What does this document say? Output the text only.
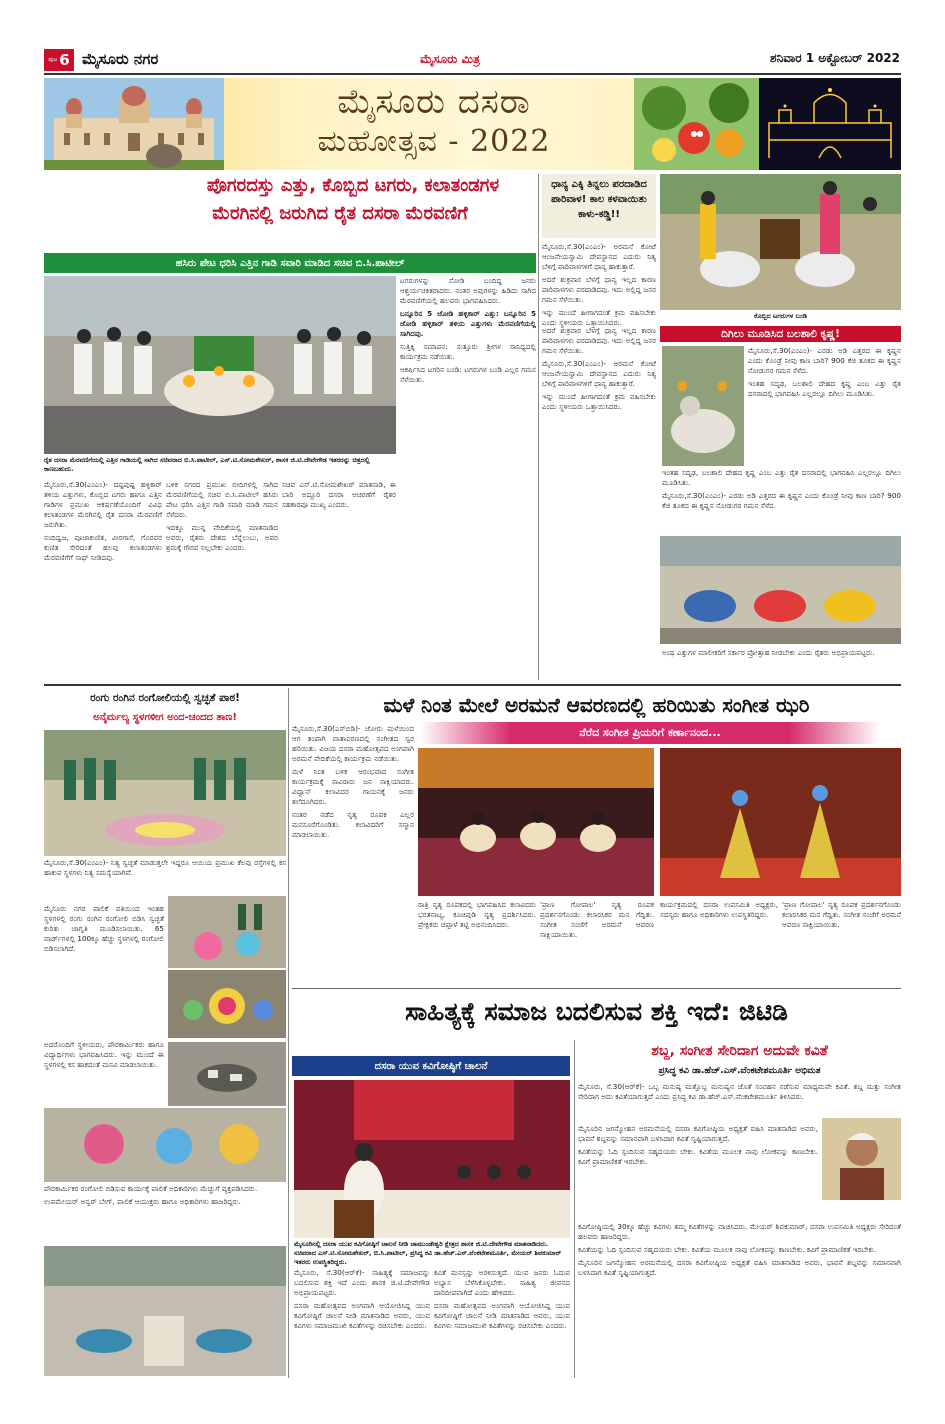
ಪುಟ 6 ಮೈಸೂರು ನಗರ	ಮೈಸೂರು ಮಿತ್ರ	ಶನಿವಾರ 1 ಅಕ್ಟೋಬರ್ 2022
ಮೈಸೂರು ದಸರಾ
ಮಹೋತ್ಸವ - 2022
ಪೊಗರದಸ್ತು ಎತ್ತು, ಕೊಬ್ಬಿದ ಟಗರು, ಕಲಾತಂಡಗಳ
ಮೆರಗಿನಲ್ಲಿ ಜರುಗಿದ ರೈತ ದಸರಾ ಮೆರವಣಿಗೆ
ಹಸಿರು ಪೇಟ ಧರಿಸಿ ಎತ್ತಿನ ಗಾಡಿ ಸವಾರಿ ಮಾಡಿದ ಸಚಿವ ಬಿ.ಸಿ.ಪಾಟೀಲ್
ರೈತ ದಸರಾ ಮೆರವಣಿಗೆಯಲ್ಲಿ ಎತ್ತಿನ ಗಾಡಿಯಲ್ಲಿ ಸಾಗಿದ ಸಚಿವರಾದ ಬಿ.ಸಿ.ಪಾಟೀಲ್, ಎಸ್.ಟಿ.ಸೋಮಶೇಖರ್, ಶಾಸಕ ಜಿ.ಟಿ.ದೇವೇಗೌಡ ಇತರರನ್ನು ಚಿತ್ರದಲ್ಲಿ ಕಾಣಬಹುದು.

ಟಗರುಗಳನ್ನು ನೋಡಿ ಬಂದಿದ್ದ ಜನರು ಆಶ್ಚರ್ಯಚಕಿತರಾದರು. ನಂತರ ಅವುಗಳನ್ನು ಹಿಡಿದು ಸಾಗಿದ ಮೆರವಣಿಗೆಯಲ್ಲಿ ಹಲವರು ಭಾಗವಹಿಸಿದರು.

ಬನ್ನೂರಿನ 5 ಜೋಡಿ ಹಳ್ಳಿಕಾರ್ ಎತ್ತು: ಬನ್ನೂರಿನ 5 ಜೋಡಿ ಹಳ್ಳಿಕಾರ್ ತಳಿಯ ಎತ್ತುಗಳು ಮೆರವಣಿಗೆಯಲ್ಲಿ ಸಾಗಿದವು.

ಸುತ್ತಿಕ್ಕಿ ಸಮಾಪನ: ಸುತ್ತೂರು ಶ್ರೀಗಳ ಸಾನಿಧ್ಯದಲ್ಲಿ ಕಾರ್ಯಕ್ರಮ ನಡೆಯಿತು.

ಆಕರ್ಷಿಸಿದ ಟಗರಿನ ಬಂಡಿ: ಟಗರುಗಳ ಬಂಡಿ ಎಲ್ಲರ ಗಮನ ಸೆಳೆಯಿತು.

ಮೈಸೂರು,ಸೆ.30(ಎಂಎಂ)- ದಷ್ಟಪುಷ್ಟ ಹಳ್ಳಿಕಾರ್ ತಳಿಯ ಎತ್ತುಗಳು, ಕೊಬ್ಬಿದ ಟಗರು ಹಾಗೂ ಎತ್ತಿನ ಗಾಡಿಗಳ ಪ್ರಮುಖ ಆಕರ್ಷಣೆಯೊಂದಿಗೆ ವಿವಿಧ ಕಲಾತಂಡಗಳ ಮೆರಗಿನಲ್ಲಿ ರೈತ ದಸರಾ ಮೆರವಣಿಗೆ ಜರುಗಿತು.

ನಂದಿಧ್ವಜ, ಪೂಜಾಕುಣಿತ, ವೀರಗಾಸೆ, ಗೊರವರ ಕುಣಿತ ಸೇರಿದಂತೆ ಹಲವು ಕಲಾತಂಡಗಳು ಮೆರವಣಿಗೆಗೆ ಸಾಥ್ ನೀಡಿದವು.

ಬಳಿಕ ನಗರದ ಪ್ರಮುಖ ಬೀದಿಗಳಲ್ಲಿ ಸಾಗಿದ ಮೆರವಣಿಗೆಯಲ್ಲಿ ಸಚಿವ ಬಿ.ಸಿ.ಪಾಟೀಲ್ ಹಸಿರು ಪೇಟ ಧರಿಸಿ ಎತ್ತಿನ ಗಾಡಿ ಸವಾರಿ ಮಾಡಿ ಗಮನ ಸೆಳೆದರು.

ಇದಕ್ಕೂ ಮುನ್ನ ವೇದಿಕೆಯಲ್ಲಿ ಮಾತನಾಡಿದ ಅವರು, ರೈತರು ದೇಶದ ಬೆನ್ನೆಲುಬು, ಅವರ ಶ್ರಮಕ್ಕೆ ಗೌರವ ಸಲ್ಲಬೇಕು ಎಂದರು.

ಸಚಿವ ಎಸ್.ಟಿ.ಸೋಮಶೇಖರ್ ಮಾತನಾಡಿ, ಈ ಬಾರಿ ಅದ್ದೂರಿ ದಸರಾ ಆಚರಣೆಗೆ ರೈತರ ಸಹಕಾರವೂ ಮುಖ್ಯ ಎಂದರು.

ಧಾನ್ಯ ಎಕ್ಕಿ ತಿನ್ನಲು ಪರದಾಡಿದ ಪಾರಿವಾಳ! ಕಾಲ ಕಳವಾಯಿತು ಕಾಳು-ಕಡ್ಡಿ!!

ಮೈಸೂರು,ಸೆ.30(ಎಂಎಂ)- ಅರಮನೆ ಕೋಟೆ ಆಂಜನೇಯಸ್ವಾಮಿ ದೇವಸ್ಥಾನದ ಎದುರು ನಿತ್ಯ ಬೆಳಿಗ್ಗೆ ಪಾರಿವಾಳಗಳಿಗೆ ಧಾನ್ಯ ಹಾಕುತ್ತಾರೆ.

ಅದರೆ ಶುಕ್ರವಾರ ಬೆಳಗ್ಗೆ ಧಾನ್ಯ ಇಲ್ಲದ ಕಾರಣ ಪಾರಿವಾಳಗಳು ಪರದಾಡಿದವು. ಇದು ಅಲ್ಲಿದ್ದ ಜನರ ಗಮನ ಸೆಳೆಯಿತು.

ಇನ್ನು ಮುಂದೆ ಹೀಗಾಗದಂತೆ ಕ್ರಮ ವಹಿಸಬೇಕು ಎಂದು ಸ್ಥಳೀಯರು ಒತ್ತಾಯಿಸಿದರು.

ಕೊಬ್ಬಿದ ಟಗರುಗಳ ಬಂಡಿ

ಅದರೆ ಶುಕ್ರವಾರ ಬೆಳಗ್ಗೆ ಧಾನ್ಯ ಇಲ್ಲದ ಕಾರಣ ಪಾರಿವಾಳಗಳು ಪರದಾಡಿದವು. ಇದು ಅಲ್ಲಿದ್ದ ಜನರ ಗಮನ ಸೆಳೆಯಿತು.

ಮೈಸೂರು,ಸೆ.30(ಎಂಎಂ)- ಅರಮನೆ ಕೋಟೆ ಆಂಜನೇಯಸ್ವಾಮಿ ದೇವಸ್ಥಾನದ ಎದುರು ನಿತ್ಯ ಬೆಳಿಗ್ಗೆ ಪಾರಿವಾಳಗಳಿಗೆ ಧಾನ್ಯ ಹಾಕುತ್ತಾರೆ.

ಇನ್ನು ಮುಂದೆ ಹೀಗಾಗದಂತೆ ಕ್ರಮ ವಹಿಸಬೇಕು ಎಂದು ಸ್ಥಳೀಯರು ಒತ್ತಾಯಿಸಿದರು.

ದಿಗಿಲು ಮೂಡಿಸಿದ ಬಲಶಾಲಿ ಕೃಷ್ಣ!

ಮೈಸೂರು,ಸೆ.30(ಎಂಎಂ)- ಎರಡು ಅಡಿ ಎತ್ತರದ ಈ ಕೃಷ್ಣನ ಎಂದು ಕೊಂಡ್ರೆ ನೀವು ಕಾಣ ಬಾರಿ? 900 ಕೆಜಿ ತೂಕದ ಈ ಕೃಷ್ಣನ ನೋಡುಗರ ಗಮನ ಸೆಳೆದ.

ಇಂತಹ ಸದೃಢ, ಬಲಶಾಲಿ ದೇಹದ ಕೃಷ್ಣ ಎಂಬ ಎತ್ತು ರೈತ ದಸರಾದಲ್ಲಿ ಭಾಗವಹಿಸಿ ಎಲ್ಲರಲ್ಲೂ ದಿಗಿಲು ಮೂಡಿಸಿತು.

ಇಂತಹ ಸದೃಢ, ಬಲಶಾಲಿ ದೇಹದ ಕೃಷ್ಣ ಎಂಬ ಎತ್ತು ರೈತ ದಸರಾದಲ್ಲಿ ಭಾಗವಹಿಸಿ ಎಲ್ಲರಲ್ಲೂ ದಿಗಿಲು ಮೂಡಿಸಿತು.

ಮೈಸೂರು,ಸೆ.30(ಎಂಎಂ)- ಎರಡು ಅಡಿ ಎತ್ತರದ ಈ ಕೃಷ್ಣನ ಎಂದು ಕೊಂಡ್ರೆ ನೀವು ಕಾಣ ಬಾರಿ? 900 ಕೆಜಿ ತೂಕದ ಈ ಕೃಷ್ಣನ ನೋಡುಗರ ಗಮನ ಸೆಳೆದ.

ಅಂಥ ಎತ್ತುಗಳ ಮಾಲೀಕರಿಗೆ ಸರ್ಕಾರ ಪ್ರೋತ್ಸಾಹ ನೀಡಬೇಕು ಎಂದು ರೈತರು ಅಭಿಪ್ರಾಯಪಟ್ಟರು.

ರಂಗು ರಂಗಿನ ರಂಗೋಲಿಯಲ್ಲಿ ಸ್ವಚ್ಛತೆ ಪಾಠ!
ಅನೈರ್ಮಲ್ಯ ಸ್ಥಳಗಳೀಗ ಅಂದ-ಚಂದದ ತಾಣ!

ಮೈಸೂರು,ಸೆ.30(ಎಂಎಂ)- ನಿತ್ಯ ಸ್ವಚ್ಛತೆ ಮಾಡುತ್ತಲೇ ಇದ್ದರೂ ಆಯಿಯ ಪ್ರಮುಖ ಕೆಲವು ರಸ್ತೆಗಳಲ್ಲಿ ಕಸ ಹಾಕುವ ಸ್ಥಳಗಳು ನಿತ್ಯ ಸಮಸ್ಯೆಯಾಗಿವೆ.

ಮೈಸೂರು ನಗರ ಪಾಲಿಕೆ ವತಿಯಿಂದ ಇಂತಹ ಸ್ಥಳಗಳಲ್ಲಿ ರಂಗು ರಂಗಿನ ರಂಗೋಲಿ ಬಿಡಿಸಿ ಸ್ವಚ್ಛತೆ ಕುರಿತು ಜಾಗೃತಿ ಮೂಡಿಸಲಾಯಿತು. 65 ವಾರ್ಡ್‌ಗಳಲ್ಲಿ 100ಕ್ಕೂ ಹೆಚ್ಚು ಸ್ಥಳಗಳಲ್ಲಿ ರಂಗೋಲಿ ಬಿಡಿಸಲಾಗಿದೆ.

ಅದರೊಂದಿಗೆ ಸ್ಥಳೀಯರು, ಪೌರಕಾರ್ಮಿಕರು ಹಾಗೂ ವಿದ್ಯಾರ್ಥಿಗಳು ಭಾಗವಹಿಸಿದರು. ಇನ್ನು ಮುಂದೆ ಈ ಸ್ಥಳಗಳಲ್ಲಿ ಕಸ ಹಾಕದಂತೆ ಮನವಿ ಮಾಡಲಾಯಿತು.

ಪೌರಕಾರ್ಮಿಕರ ರಂಗೋಲಿ ಬಿಡಿಸುವ ಕಾರ್ಯಕ್ಕೆ ಪಾಲಿಕೆ ಅಧಿಕಾರಿಗಳು ಮೆಚ್ಚುಗೆ ವ್ಯಕ್ತಪಡಿಸಿದರು.

ಉಪಮೇಯರ್ ಅನ್ವರ್ ಬೇಗ್, ಪಾಲಿಕೆ ಆಯುಕ್ತರು ಹಾಗೂ ಅಧಿಕಾರಿಗಳು ಹಾಜರಿದ್ದರು.

ಮಳೆ ನಿಂತ ಮೇಲೆ ಅರಮನೆ ಆವರಣದಲ್ಲಿ ಹರಿಯಿತು ಸಂಗೀತ ಝರಿ
ನೆರೆದ ಸಂಗೀತ ಪ್ರಿಯರಿಗೆ ಕರ್ಣಾನಂದ...

ಮೈಸೂರು,ಸೆ.30(ಎಸ್‌ಬಿಡಿ)- ಜೋರು ಮಳೆಯಿಂದ ಆಗ ತಂಪಾಗಿ ವಾತಾವರಣದಲ್ಲಿ ಸಂಗೀತದ ಸ್ವರ ಹರಿಯಿತು. ವಿಜಯ ದಸರಾ ಮಹೋತ್ಸವದ ಅಂಗವಾಗಿ ಅರಮನೆ ವೇದಿಕೆಯಲ್ಲಿ ಕಾರ್ಯಕ್ರಮ ನಡೆಯಿತು.

ಮಳೆ ನಿಂತ ಬಳಿಕ ಆರಂಭವಾದ ಸಂಗೀತ ಕಾರ್ಯಕ್ರಮಕ್ಕೆ ಸಾವಿರಾರು ಜನ ಸಾಕ್ಷಿಯಾದರು. ವಿದ್ವಾನ್ ಕಲಾವಿದರ ಗಾಯನಕ್ಕೆ ಜನರು ತಲೆದೂಗಿದರು.

ನಂತರ ನಡೆದ ನೃತ್ಯ ರೂಪಕ ಎಲ್ಲರ ಮನಸೂರೆಗೊಂಡಿತು. ಕಲಾವಿದರಿಗೆ ಸನ್ಮಾನ ಮಾಡಲಾಯಿತು.

ರಾತ್ರಿ ನೃತ್ಯ ರೂಪಕದಲ್ಲಿ ಭಾಗವಹಿಸಿದ ಕಲಾವಿದರು ಭರತನಾಟ್ಯ, ಕೂಚಿಪುಡಿ ನೃತ್ಯ ಪ್ರದರ್ಶಿಸಿದರು. ಪ್ರೇಕ್ಷಕರು ಚಪ್ಪಾಳೆ ತಟ್ಟಿ ಅಭಿನಂದಿಸಿದರು.

'ಪ್ರಾಣ ಗೋಪಾಲ' ನೃತ್ಯ ರೂಪಕ ಪ್ರದರ್ಶನಗೊಂಡು ಕಲಾರಸಿಕರ ಮನ ಗೆದ್ದಿತು. ಸಂಗೀತ ಸಂಜೆಗೆ ಅರಮನೆ ಆವರಣ ಸಾಕ್ಷಿಯಾಯಿತು.

ಕಾರ್ಯಕ್ರಮದಲ್ಲಿ ದಸರಾ ಉಪಸಮಿತಿ ಅಧ್ಯಕ್ಷರು, ಸದಸ್ಯರು ಹಾಗೂ ಅಧಿಕಾರಿಗಳು ಉಪಸ್ಥಿತರಿದ್ದರು.

'ಪ್ರಾಣ ಗೋಪಾಲ' ನೃತ್ಯ ರೂಪಕ ಪ್ರದರ್ಶನಗೊಂಡು ಕಲಾರಸಿಕರ ಮನ ಗೆದ್ದಿತು. ಸಂಗೀತ ಸಂಜೆಗೆ ಅರಮನೆ ಆವರಣ ಸಾಕ್ಷಿಯಾಯಿತು.

ಸಾಹಿತ್ಯಕ್ಕೆ ಸಮಾಜ ಬದಲಿಸುವ ಶಕ್ತಿ ಇದೆ: ಜಿಟಿಡಿ
ದಸರಾ ಯುವ ಕವಿಗೋಷ್ಠಿಗೆ ಚಾಲನೆ
ಮೈಸೂರಿನಲ್ಲಿ ದಸರಾ ಯುವ ಕವಿಗೋಷ್ಠಿಗೆ ಚಾಲನೆ ನೀಡಿ ಚಾಮುಂಡೇಶ್ವರಿ ಕ್ಷೇತ್ರದ ಶಾಸಕ ಜಿ.ಟಿ.ದೇವೇಗೌಡ ಮಾತನಾಡಿದರು. ಸಚಿವರಾದ ಎಸ್.ಟಿ.ಸೋಮಶೇಖರ್, ಬಿ.ಸಿ.ಪಾಟೀಲ್, ಪ್ರಸಿದ್ಧ ಕವಿ ಡಾ.ಹೆಚ್.ಎಸ್.ವೆಂಕಟೇಶಮೂರ್ತಿ, ಮೇಯರ್ ಶಿವಕುಮಾರ್ ಇತರರು ಉಪಸ್ಥಿತರಿದ್ದರು.

ಮೈಸೂರು, ಸೆ.30(ಆರ್‌ಕೆ)- ಸಾಹಿತ್ಯಕ್ಕೆ ಸಮಾಜವನ್ನು ಬದಲಿಸುವ ಶಕ್ತಿ ಇದೆ ಎಂದು ಶಾಸಕ ಜಿ.ಟಿ.ದೇವೇಗೌಡ ಅಭಿಪ್ರಾಯಪಟ್ಟರು.

ದಸರಾ ಮಹೋತ್ಸವದ ಅಂಗವಾಗಿ ಆಯೋಜಿಸಿದ್ದ ಯುವ ಕವಿಗೋಷ್ಠಿಗೆ ಚಾಲನೆ ನೀಡಿ ಮಾತನಾಡಿದ ಅವರು, ಯುವ ಕವಿಗಳು ಸಮಾಜಮುಖಿ ಕವಿತೆಗಳನ್ನು ರಚಿಸಬೇಕು ಎಂದರು.

ಕವಿತೆ ಮನಸ್ಸನ್ನು ಅರಳಿಸುತ್ತದೆ. ಯುವ ಜನರು ಓದುವ ಅಭ್ಯಾಸ ಬೆಳೆಸಿಕೊಳ್ಳಬೇಕು. ಸಾಹಿತ್ಯ ಜೀವನದ ದಾರಿದೀಪವಾಗಿದೆ ಎಂದು ಹೇಳಿದರು.

ದಸರಾ ಮಹೋತ್ಸವದ ಅಂಗವಾಗಿ ಆಯೋಜಿಸಿದ್ದ ಯುವ ಕವಿಗೋಷ್ಠಿಗೆ ಚಾಲನೆ ನೀಡಿ ಮಾತನಾಡಿದ ಅವರು, ಯುವ ಕವಿಗಳು ಸಮಾಜಮುಖಿ ಕವಿತೆಗಳನ್ನು ರಚಿಸಬೇಕು ಎಂದರು.

ಶಬ್ದ, ಸಂಗೀತ ಸೇರಿದಾಗ ಅದುವೇ ಕವಿತೆ
ಪ್ರಸಿದ್ಧ ಕವಿ ಡಾ.ಹೆಚ್.ಎಸ್.ವೆಂಕಟೇಶಮೂರ್ತಿ ಅಭಿಮತ

ಮೈಸೂರು, ಸೆ.30(ಆರ್‌ಕೆ)- ಒಬ್ಬ ಮನುಷ್ಯ ಮತ್ತೊಬ್ಬ ಮನುಷ್ಯನ ಜೊತೆ ಸಂವಹನ ನಡೆಸುವ ಮಾಧ್ಯಮವೇ ಕವಿತೆ. ಶಬ್ದ ಮತ್ತು ಸಂಗೀತ ಸೇರಿದಾಗ ಅದು ಕವಿತೆಯಾಗುತ್ತದೆ ಎಂದು ಪ್ರಸಿದ್ಧ ಕವಿ ಡಾ.ಹೆಚ್.ಎಸ್.ವೆಂಕಟೇಶಮೂರ್ತಿ ತಿಳಿಸಿದರು.

ಮೈಸೂರಿನ ಜಗನ್ಮೋಹನ ಅರಮನೆಯಲ್ಲಿ ದಸರಾ ಕವಿಗೋಷ್ಠಿಯ ಅಧ್ಯಕ್ಷತೆ ವಹಿಸಿ ಮಾತನಾಡಿದ ಅವರು, ಭಾವನೆ ಶಬ್ದವನ್ನು ಸಮಾನವಾಗಿ ಬಳಸಿದಾಗ ಕವಿತೆ ಸೃಷ್ಟಿಯಾಗುತ್ತದೆ.

ಕವಿತೆಯನ್ನು ಓದಿ ಸ್ಪಂದಿಸುವ ಸಹೃದಯರು ಬೇಕು. ಕವಿತೆಯ ಮೂಲಕ ನಾವು ಲೋಕವನ್ನು ಕಾಣಬೇಕು. ಕವಿಗೆ ಪ್ರಾಮಾಣಿಕತೆ ಇರಬೇಕು.

ಕವಿಗೋಷ್ಠಿಯಲ್ಲಿ 30ಕ್ಕೂ ಹೆಚ್ಚು ಕವಿಗಳು ತಮ್ಮ ಕವಿತೆಗಳನ್ನು ವಾಚಿಸಿದರು. ಮೇಯರ್ ಶಿವಕುಮಾರ್, ದಸರಾ ಉಪಸಮಿತಿ ಅಧ್ಯಕ್ಷರು ಸೇರಿದಂತೆ ಹಲವರು ಹಾಜರಿದ್ದರು.

ಕವಿತೆಯನ್ನು ಓದಿ ಸ್ಪಂದಿಸುವ ಸಹೃದಯರು ಬೇಕು. ಕವಿತೆಯ ಮೂಲಕ ನಾವು ಲೋಕವನ್ನು ಕಾಣಬೇಕು. ಕವಿಗೆ ಪ್ರಾಮಾಣಿಕತೆ ಇರಬೇಕು.

ಮೈಸೂರಿನ ಜಗನ್ಮೋಹನ ಅರಮನೆಯಲ್ಲಿ ದಸರಾ ಕವಿಗೋಷ್ಠಿಯ ಅಧ್ಯಕ್ಷತೆ ವಹಿಸಿ ಮಾತನಾಡಿದ ಅವರು, ಭಾವನೆ ಶಬ್ದವನ್ನು ಸಮಾನವಾಗಿ ಬಳಸಿದಾಗ ಕವಿತೆ ಸೃಷ್ಟಿಯಾಗುತ್ತದೆ.
